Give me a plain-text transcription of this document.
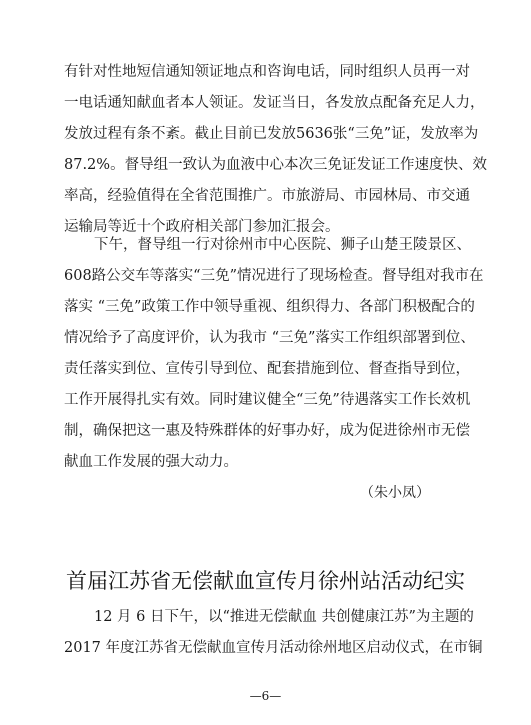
有针对性地短信通知领证地点和咨询电话，同时组织人员再一对
一电话通知献血者本人领证。发证当日，各发放点配备充足人力，
发放过程有条不紊。截止目前已发放5636张“三免”证，发放率为
87.2%。督导组一致认为血液中心本次三免证发证工作速度快、效
率高，经验值得在全省范围推广。市旅游局、市园林局、市交通
运输局等近十个政府相关部门参加汇报会。
下午，督导组一行对徐州市中心医院、狮子山楚王陵景区、
608路公交车等落实“三免”情况进行了现场检查。督导组对我市在
落实 “三免”政策工作中领导重视、组织得力、各部门积极配合的
情况给予了高度评价，认为我市 “三免”落实工作组织部署到位、
责任落实到位、宣传引导到位、配套措施到位、督查指导到位，
工作开展得扎实有效。同时建议健全“三免”待遇落实工作长效机
制，确保把这一惠及特殊群体的好事办好，成为促进徐州市无偿
献血工作发展的强大动力。
（朱小凤）
首届江苏省无偿献血宣传月徐州站活动纪实
12 月 6 日下午，以“推进无偿献血 共创健康江苏”为主题的
2017 年度江苏省无偿献血宣传月活动徐州地区启动仪式，在市铜
—6—
